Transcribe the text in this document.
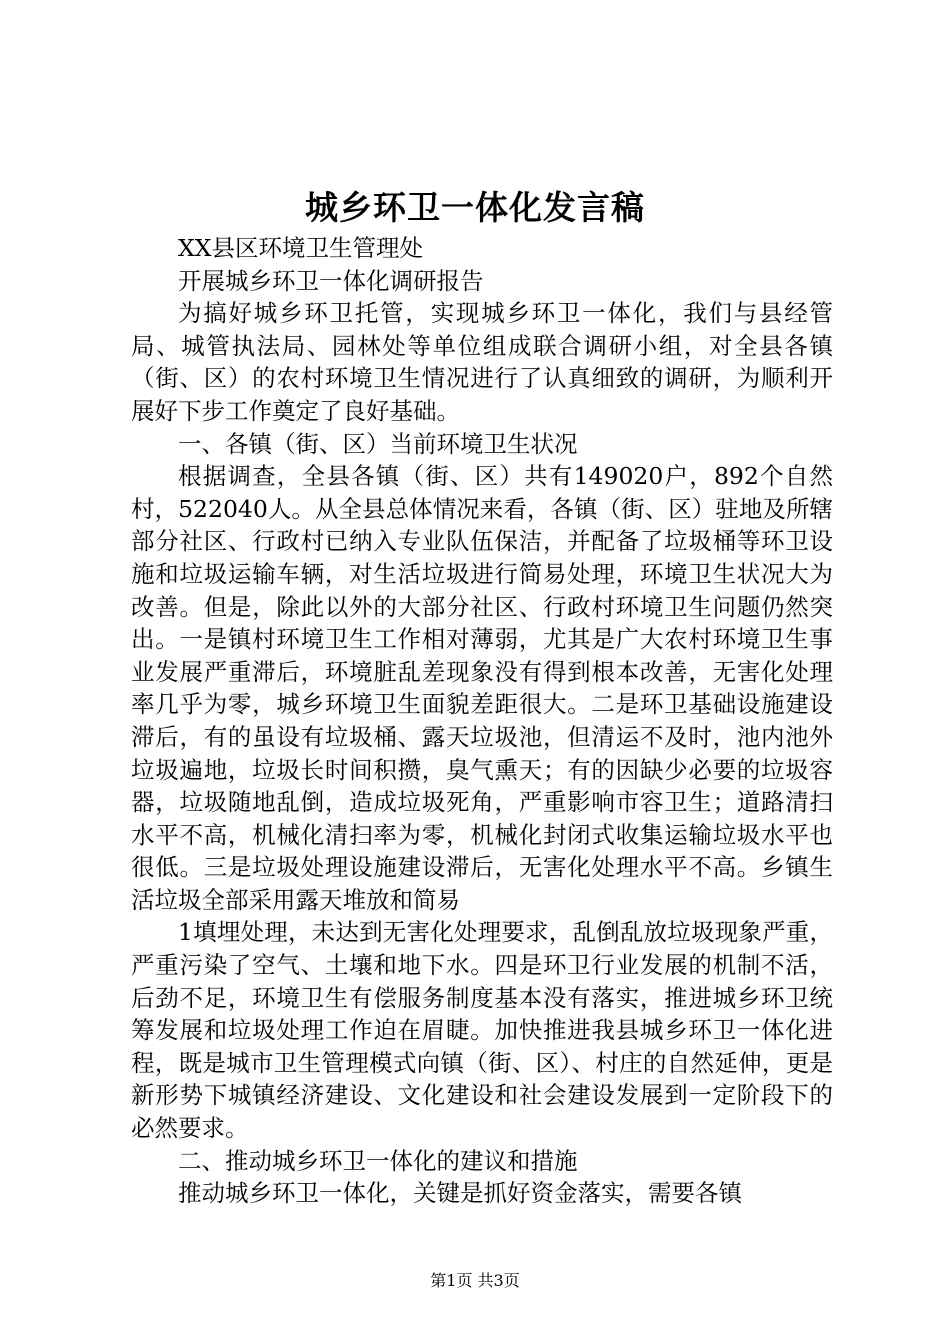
城乡环卫一体化发言稿

XX县区环境卫生管理处

开展城乡环卫一体化调研报告

为搞好城乡环卫托管，实现城乡环卫一体化，我们与县经管局、城管执法局、园林处等单位组成联合调研小组，对全县各镇（街、区）的农村环境卫生情况进行了认真细致的调研，为顺利开展好下步工作奠定了良好基础。

一、各镇（街、区）当前环境卫生状况

根据调查，全县各镇（街、区）共有149020户，892个自然村，522040人。从全县总体情况来看，各镇（街、区）驻地及所辖部分社区、行政村已纳入专业队伍保洁，并配备了垃圾桶等环卫设施和垃圾运输车辆，对生活垃圾进行简易处理，环境卫生状况大为改善。但是，除此以外的大部分社区、行政村环境卫生问题仍然突出。一是镇村环境卫生工作相对薄弱，尤其是广大农村环境卫生事业发展严重滞后，环境脏乱差现象没有得到根本改善，无害化处理率几乎为零，城乡环境卫生面貌差距很大。二是环卫基础设施建设滞后，有的虽设有垃圾桶、露天垃圾池，但清运不及时，池内池外垃圾遍地，垃圾长时间积攒，臭气熏天；有的因缺少必要的垃圾容器，垃圾随地乱倒，造成垃圾死角，严重影响市容卫生；道路清扫水平不高，机械化清扫率为零，机械化封闭式收集运输垃圾水平也很低。三是垃圾处理设施建设滞后，无害化处理水平不高。乡镇生活垃圾全部采用露天堆放和简易

1填埋处理，未达到无害化处理要求，乱倒乱放垃圾现象严重，严重污染了空气、土壤和地下水。四是环卫行业发展的机制不活，后劲不足，环境卫生有偿服务制度基本没有落实，推进城乡环卫统筹发展和垃圾处理工作迫在眉睫。加快推进我县城乡环卫一体化进程，既是城市卫生管理模式向镇（街、区）、村庄的自然延伸，更是新形势下城镇经济建设、文化建设和社会建设发展到一定阶段下的必然要求。

二、推动城乡环卫一体化的建议和措施

推动城乡环卫一体化，关键是抓好资金落实，需要各镇

第1页 共3页
